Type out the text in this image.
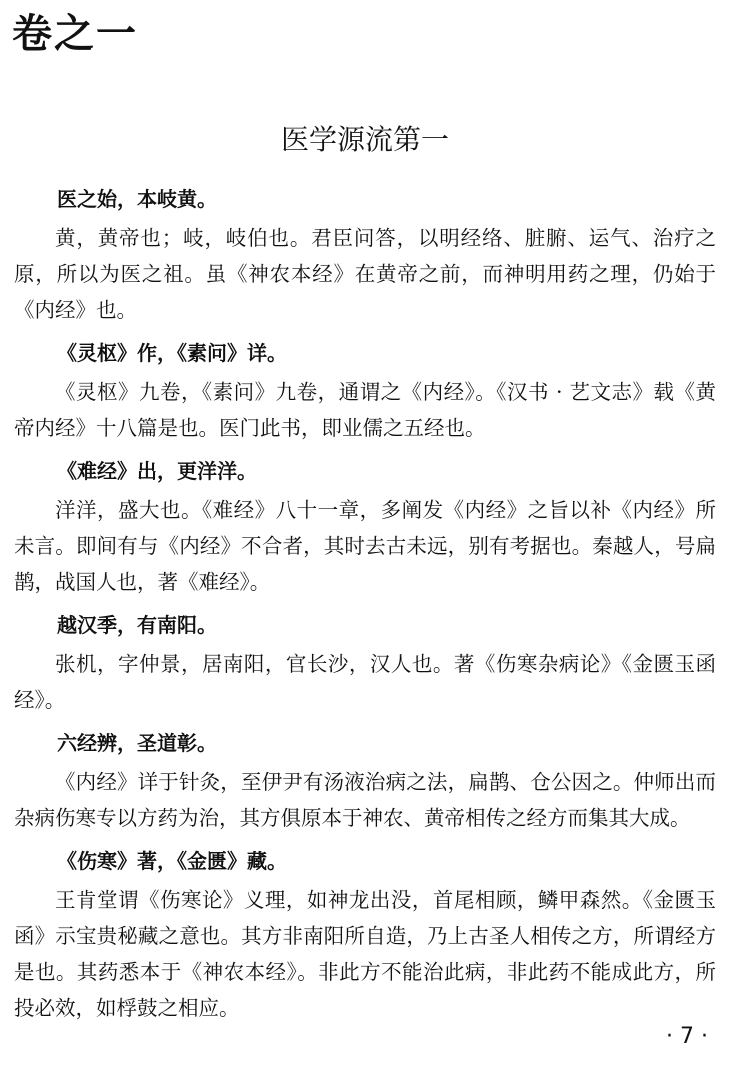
卷之一
医学源流第一

医之始，本岐黄。

黄，黄帝也；岐，岐伯也。君臣问答，以明经络、脏腑、运气、治疗之原，所以为医之祖。虽《神农本经》在黄帝之前，而神明用药之理，仍始于《内经》也。

《灵枢》作，《素问》详。

《灵枢》九卷，《素问》九卷，通谓之《内经》。《汉书 · 艺文志》载《黄帝内经》十八篇是也。医门此书，即业儒之五经也。

《难经》出，更洋洋。

洋洋，盛大也。《难经》八十一章，多阐发《内经》之旨以补《内经》所未言。即间有与《内经》不合者，其时去古未远，别有考据也。秦越人，号扁鹊，战国人也，著《难经》。

越汉季，有南阳。

张机，字仲景，居南阳，官长沙，汉人也。著《伤寒杂病论》《金匮玉函经》。

六经辨，圣道彰。

《内经》详于针灸，至伊尹有汤液治病之法，扁鹊、仓公因之。仲师出而杂病伤寒专以方药为治，其方俱原本于神农、黄帝相传之经方而集其大成。

《伤寒》著，《金匮》藏。

王肯堂谓《伤寒论》义理，如神龙出没，首尾相顾，鳞甲森然。《金匮玉函》示宝贵秘藏之意也。其方非南阳所自造，乃上古圣人相传之方，所谓经方是也。其药悉本于《神农本经》。非此方不能治此病，非此药不能成此方，所投必效，如桴鼓之相应。

· 7 ·
